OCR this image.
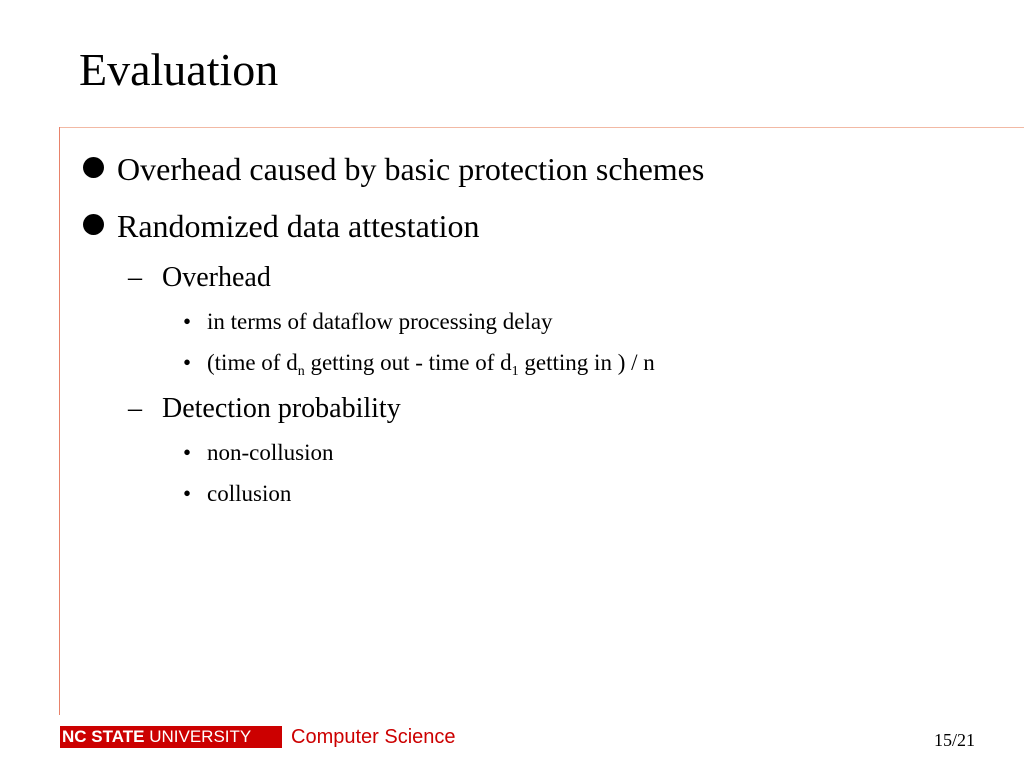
Evaluation
Overhead caused by basic protection schemes
Randomized data attestation
– Overhead
• in terms of dataflow processing delay
• (time of $d_n$ getting out - time of $d_1$ getting in ) / n
– Detection probability
• non-collusion
• collusion
NC STATE UNIVERSITY	Computer Science	15/21
